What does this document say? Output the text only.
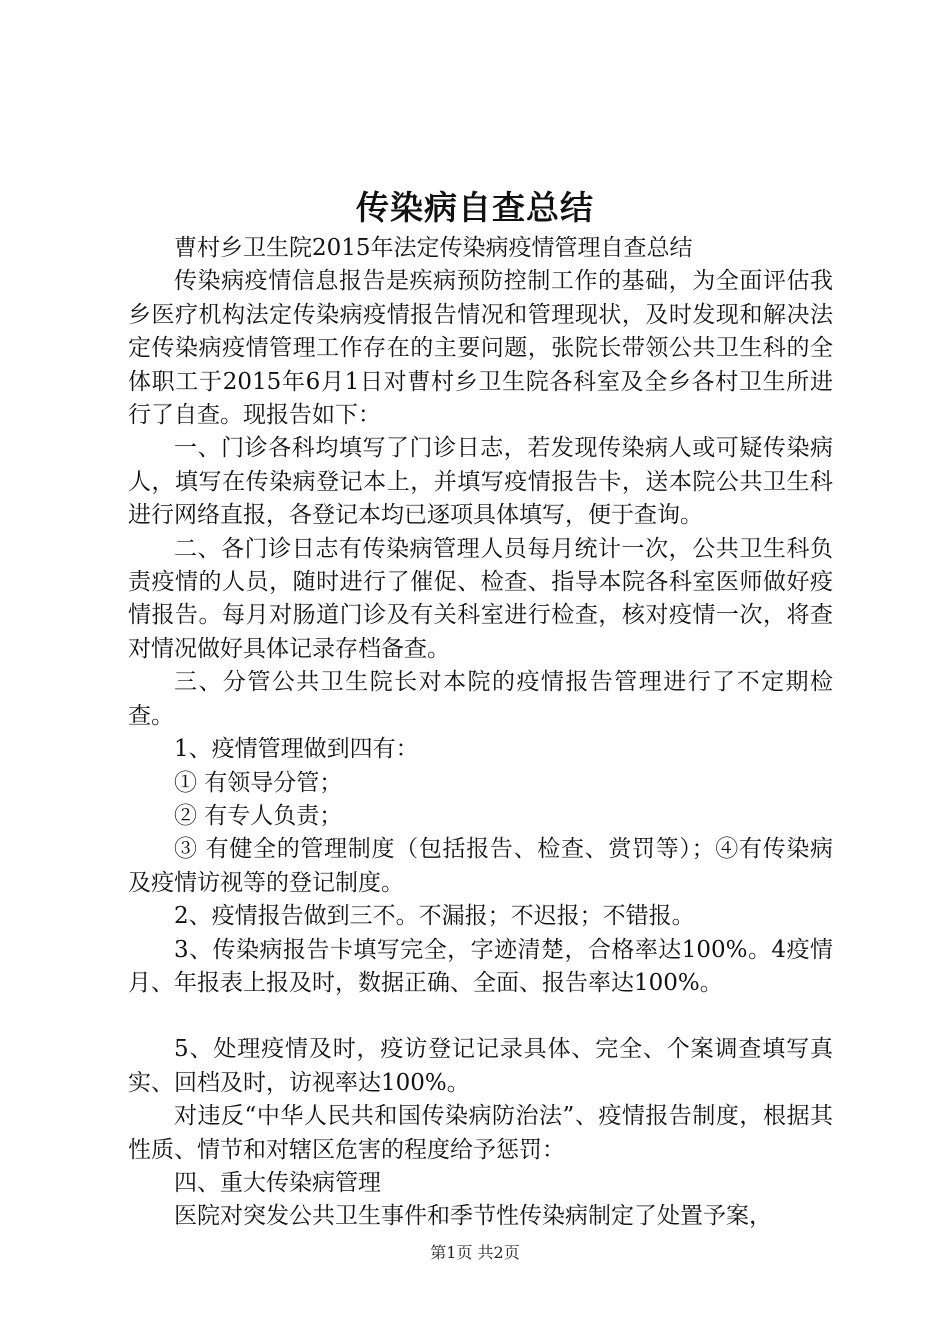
传染病自查总结

曹村乡卫生院2015年法定传染病疫情管理自查总结

传染病疫情信息报告是疾病预防控制工作的基础，为全面评估我乡医疗机构法定传染病疫情报告情况和管理现状，及时发现和解决法定传染病疫情管理工作存在的主要问题，张院长带领公共卫生科的全体职工于2015年6月1日对曹村乡卫生院各科室及全乡各村卫生所进行了自查。现报告如下：

一、门诊各科均填写了门诊日志，若发现传染病人或可疑传染病人，填写在传染病登记本上，并填写疫情报告卡，送本院公共卫生科进行网络直报，各登记本均已逐项具体填写，便于查询。

二、各门诊日志有传染病管理人员每月统计一次，公共卫生科负责疫情的人员，随时进行了催促、检查、指导本院各科室医师做好疫情报告。每月对肠道门诊及有关科室进行检查，核对疫情一次，将查对情况做好具体记录存档备查。

三、分管公共卫生院长对本院的疫情报告管理进行了不定期检查。

1、疫情管理做到四有：

① 有领导分管；

② 有专人负责；

③ 有健全的管理制度（包括报告、检查、赏罚等）；④有传染病及疫情访视等的登记制度。

2、疫情报告做到三不。不漏报；不迟报；不错报。

3、传染病报告卡填写完全，字迹清楚，合格率达100%。4疫情月、年报表上报及时，数据正确、全面、报告率达100%。

5、处理疫情及时，疫访登记记录具体、完全、个案调查填写真实、回档及时，访视率达100%。

对违反“中华人民共和国传染病防治法”、疫情报告制度，根据其性质、情节和对辖区危害的程度给予惩罚：

四、重大传染病管理

医院对突发公共卫生事件和季节性传染病制定了处置予案，

第1页 共2页
